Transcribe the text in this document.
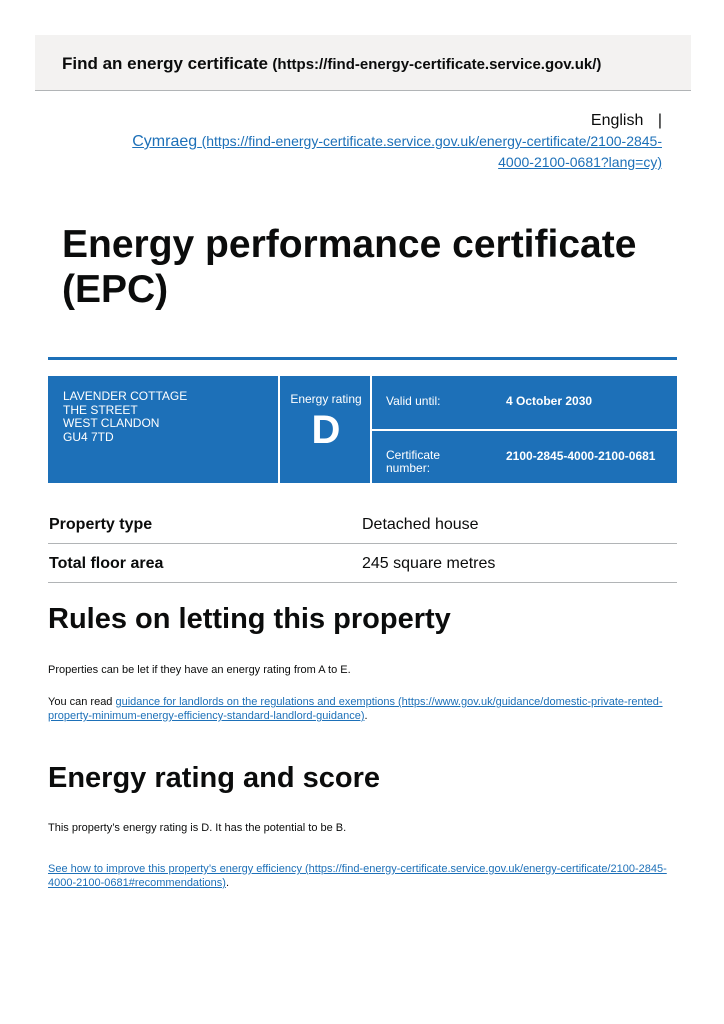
Find an energy certificate (https://find-energy-certificate.service.gov.uk/)
English |
Cymraeg (https://find-energy-certificate.service.gov.uk/energy-certificate/2100-2845-4000-2100-0681?lang=cy)
Energy performance certificate (EPC)
LAVENDER COTTAGE
THE STREET
WEST CLANDON
GU4 7TD
Energy rating
D
Valid until:	4 October 2030
Certificate number:
2100-2845-4000-2100-0681
Property type	Detached house
Total floor area	245 square metres
Rules on letting this property

Properties can be let if they have an energy rating from A to E.

You can read guidance for landlords on the regulations and exemptions (https://www.gov.uk/guidance/domestic-private-rented-property-minimum-energy-efficiency-standard-landlord-guidance).

Energy rating and score

This property’s energy rating is D. It has the potential to be B.

See how to improve this property’s energy efficiency (https://find-energy-certificate.service.gov.uk/energy-certificate/2100-2845-4000-2100-0681#recommendations).
